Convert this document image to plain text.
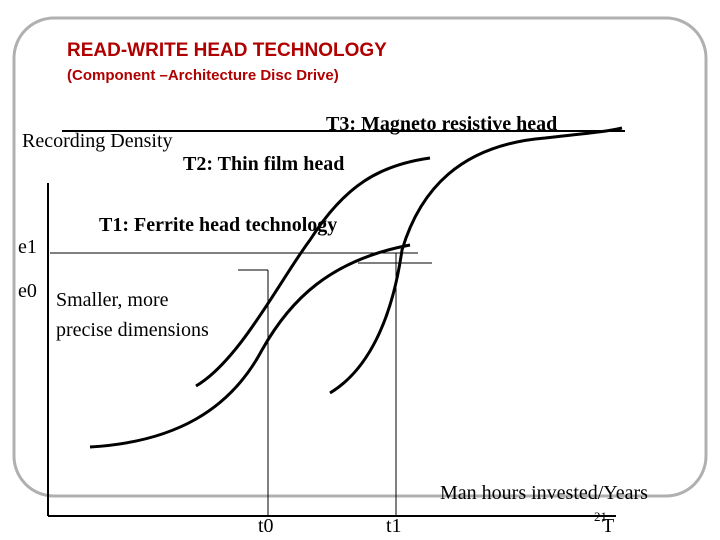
READ-WRITE HEAD TECHNOLOGY
(Component –Architecture Disc Drive)
Recording Density
T3: Magneto resistive head
T2: Thin film head
T1: Ferrite head technology
e1
e0 Smaller, more
precise dimensions
Man hours invested/Years
t0	t1	21
T
